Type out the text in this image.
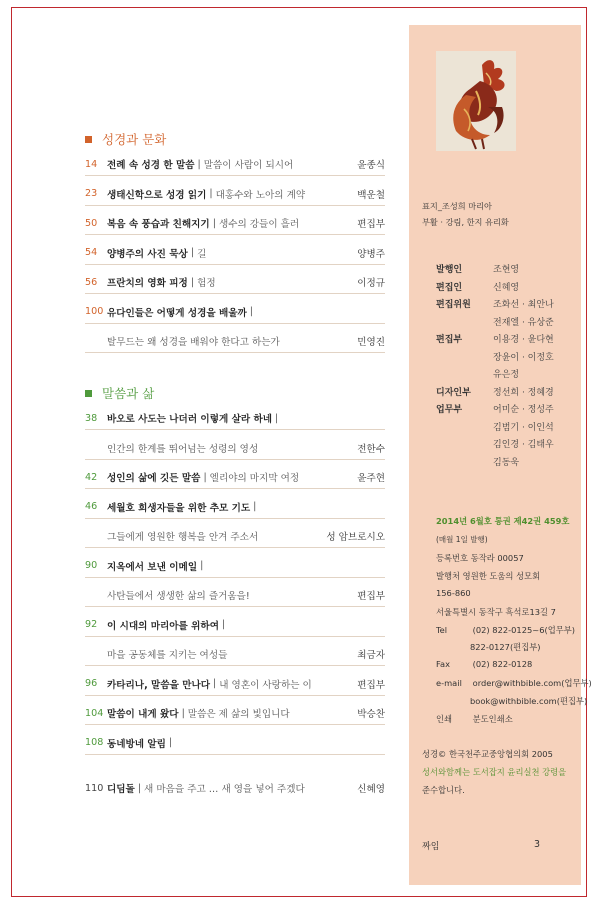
성경과 문화
14	전례 속 성경 한 말씀 | 말씀이 사람이 되시어	윤종식
23	생태신학으로 성경 읽기 | 대홍수와 노아의 계약	백운철
50	복음 속 풍습과 친해지기 | 생수의 강들이 흘러	편집부
54	양병주의 사진 묵상 | 길	양병주
56	프란치의 영화 피정 | 험정	이정규
100 유다인들은 어떻게 성경을 배울까 |
탈무드는 왜 성경을 배워야 한다고 하는가	민영진
말씀과 삶
38	바오로 사도는 나더러 이렇게 살라 하네 |
인간의 한계를 뛰어넘는 성령의 영성	전한수
42	성인의 삶에 깃든 말씀 | 엘리야의 마지막 여정	윤주현
46	세월호 희생자들을 위한 추모 기도 |
그들에게 영원한 행복을 안겨 주소서	성 암브로시오
90	지옥에서 보낸 이메일 |
사탄들에서 생생한 삶의 즐거움을!	편집부
92	이 시대의 마리아를 위하여 |
마을 공동체를 지키는 여성들	최금자
96	카타리나, 말씀을 만나다 | 내 영혼이 사랑하는 이	편집부
104 말씀이 내게 왔다 | 말씀은 제 삶의 빛입니다	박승찬
108 동네방네 알림 |
110 디딤돌 | 새 마음을 주고 … 새 영을 넣어 주겠다	신혜영
표지_조성희 마리아
부활 · 강림, 한지 유리화
발행인	조현영
편집인	신혜영
편집위원	조화선 · 최안나
전재엘 · 유상준
편집부	이용경 · 윤다현
장윤이 · 이정호
유은정
디자인부	정선희 · 정혜경
업무부	어미순 · 정성주
김범기 · 이인석
김인경 · 김태우
김동욱
2014년 6월호 통권 제42권 459호
(매월 1일 발행)
등록번호 동작라 00057
발행처 영원한 도움의 성모회
156-860
서울특별시 동작구 흑석로13길 7
Tel	(02) 822-0125~6(업무부)
822-0127(편집부)
Fax	(02) 822-0128
e-mail order@withbible.com(업무부)
book@withbible.com(편집부)
인쇄 분도인쇄소
성경© 한국천주교중앙협의회 2005
성서와함께는 도서잡지 윤리실천 강령을
준수합니다.
짜임	3
